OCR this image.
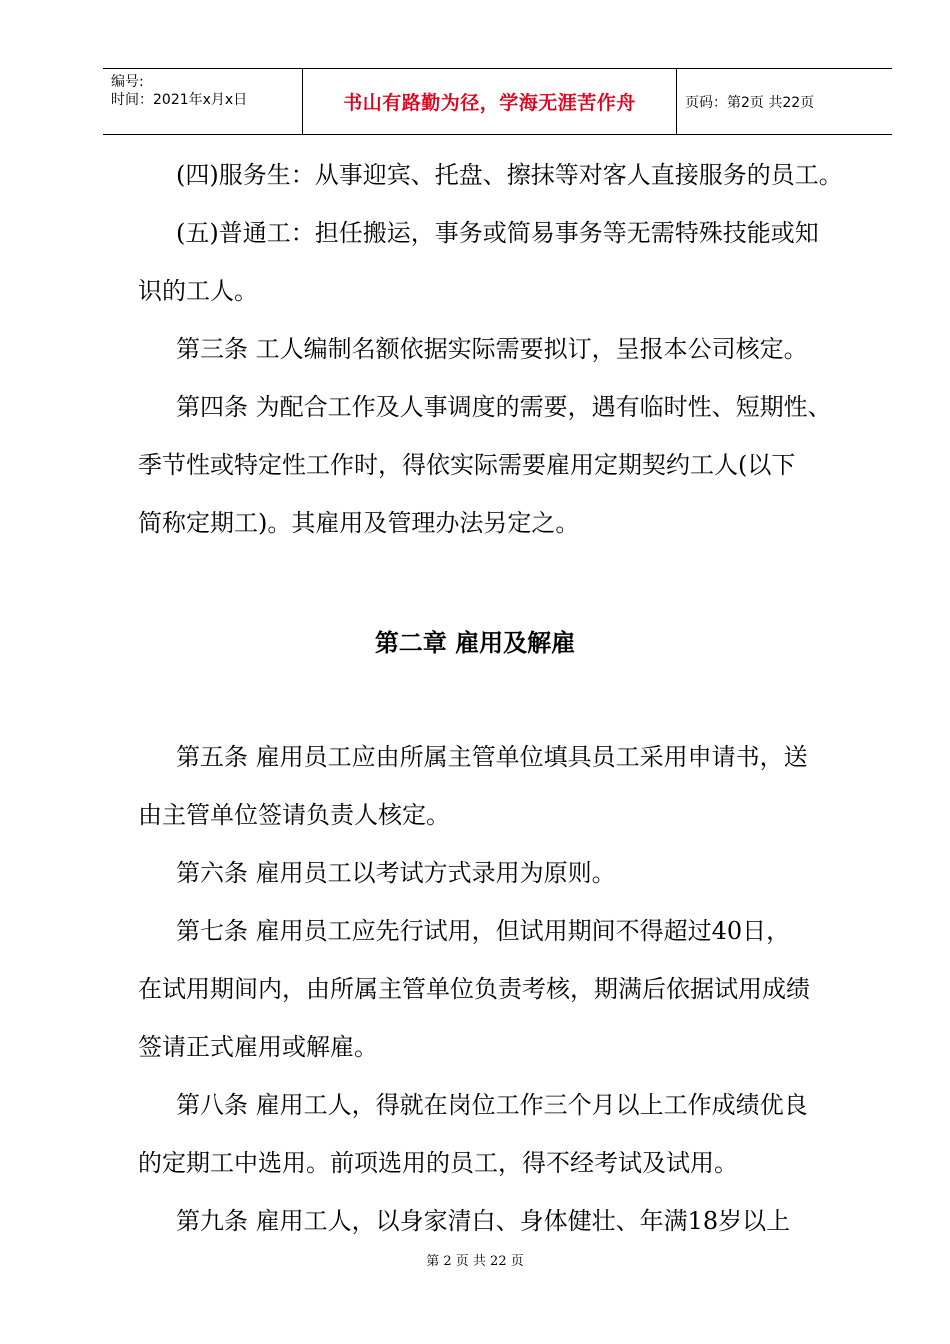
编号:
时间：2021年x月x日	书山有路勤为径，学海无涯苦作舟	页码：第2页 共22页

(四)服务生：从事迎宾、托盘、擦抹等对客人直接服务的员工。

(五)普通工：担任搬运，事务或简易事务等无需特殊技能或知

识的工人。

第三条 工人编制名额依据实际需要拟订，呈报本公司核定。

第四条 为配合工作及人事调度的需要，遇有临时性、短期性、

季节性或特定性工作时，得依实际需要雇用定期契约工人(以下

简称定期工)。其雇用及管理办法另定之。

第二章 雇用及解雇

第五条 雇用员工应由所属主管单位填具员工采用申请书，送

由主管单位签请负责人核定。

第六条 雇用员工以考试方式录用为原则。

第七条 雇用员工应先行试用，但试用期间不得超过40日，

在试用期间内，由所属主管单位负责考核，期满后依据试用成绩

签请正式雇用或解雇。

第八条 雇用工人，得就在岗位工作三个月以上工作成绩优良

的定期工中选用。前项选用的员工，得不经考试及试用。

第九条 雇用工人，以身家清白、身体健壮、年满18岁以上

第 2 页 共 22 页
